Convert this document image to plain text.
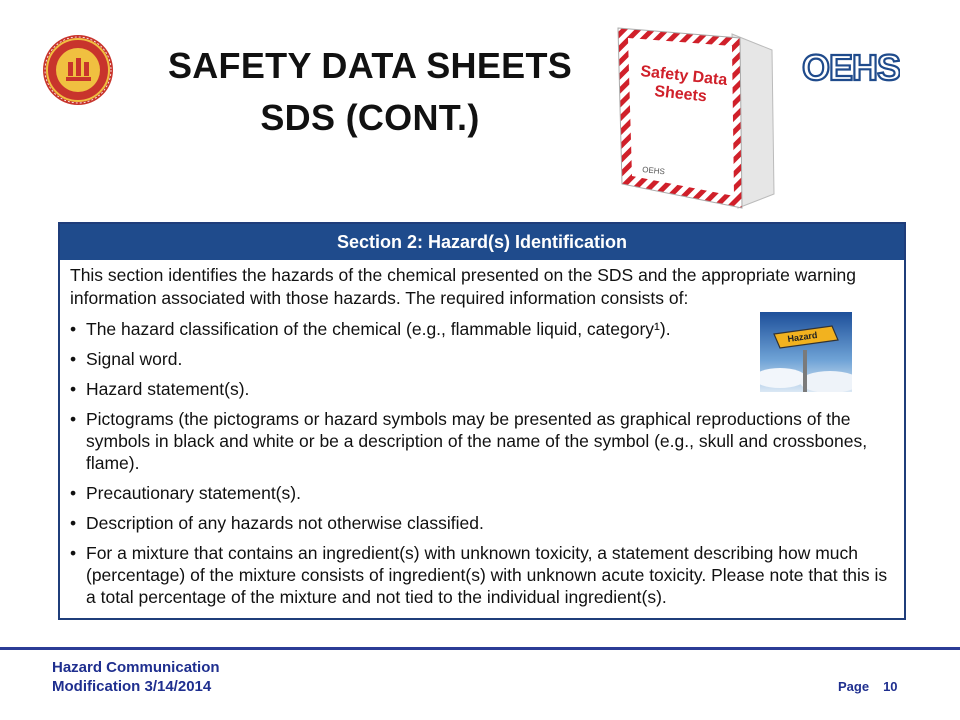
SAFETY DATA SHEETS
SDS (CONT.)
Safety Data
Sheets
OEHS
OEHS
Section 2: Hazard(s) Identification
This section identifies the hazards of the chemical presented on the SDS and the appropriate warning information associated with those hazards. The required information consists of:
• The hazard classification of the chemical (e.g., flammable liquid, category¹).
• Signal word.
• Hazard statement(s).
• Pictograms (the pictograms or hazard symbols may be presented as graphical reproductions of the symbols in black and white or be a description of the name of the symbol (e.g., skull and crossbones, flame).
• Precautionary statement(s).
• Description of any hazards not otherwise classified.
• For a mixture that contains an ingredient(s) with unknown toxicity, a statement describing how much (percentage) of the mixture consists of ingredient(s) with unknown acute toxicity. Please note that this is a total percentage of the mixture and not tied to the individual ingredient(s).
Hazard
Hazard Communication
Modification 3/14/2014	Page 10
